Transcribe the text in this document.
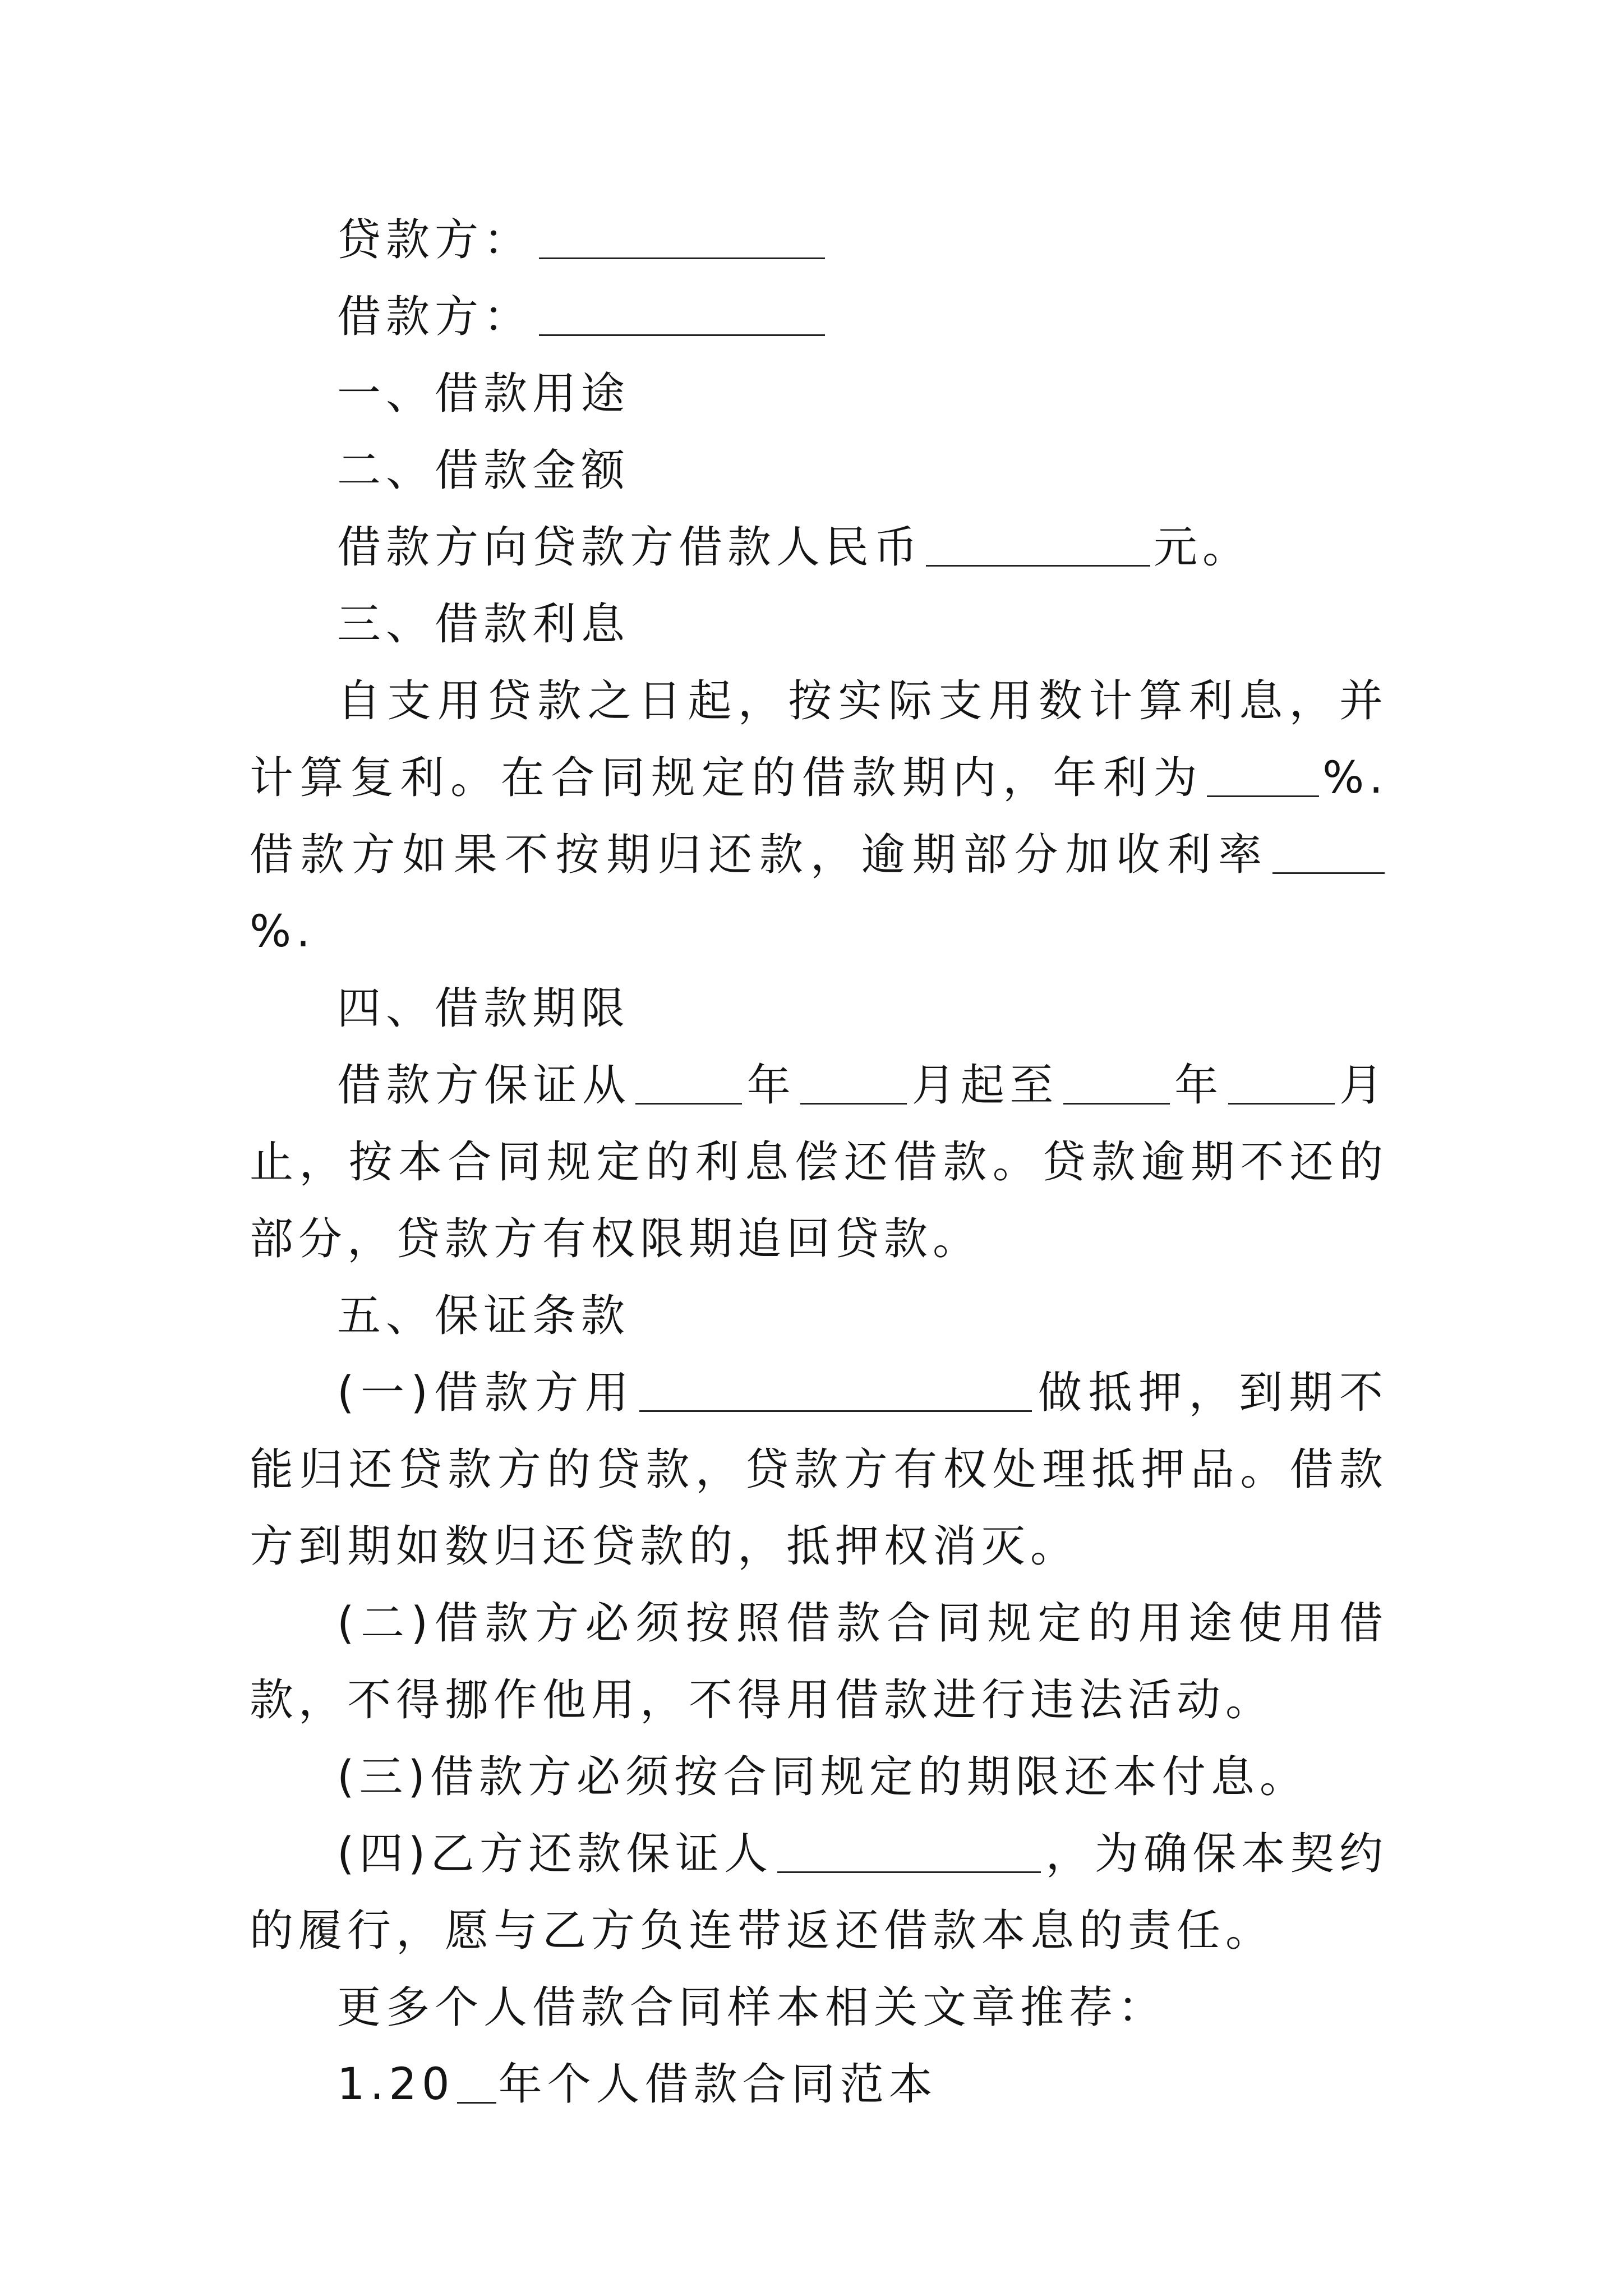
贷款方：

借款方：

一、借款用途

二、借款金额

借款方向贷款方借款人民币	元。

三、借款利息

自支用贷款之日起，按实际支用数计算利息，并计算复利。在合同规定的借款期内，年利为	%.借款方如果不按期归还款，逾期部分加收利率%.

四、借款期限

借款方保证从	年	月起至	年	月止，按本合同规定的利息偿还借款。贷款逾期不还的部分，贷款方有权限期追回贷款。

五、保证条款

(一)借款方用	做抵押，到期不能归还贷款方的贷款，贷款方有权处理抵押品。借款方到期如数归还贷款的，抵押权消灭。

(二)借款方必须按照借款合同规定的用途使用借款，不得挪作他用，不得用借款进行违法活动。

(三)借款方必须按合同规定的期限还本付息。

(四)乙方还款保证人	，为确保本契约的履行，愿与乙方负连带返还借款本息的责任。

更多个人借款合同样本相关文章推荐：

1.20 年个人借款合同范本
